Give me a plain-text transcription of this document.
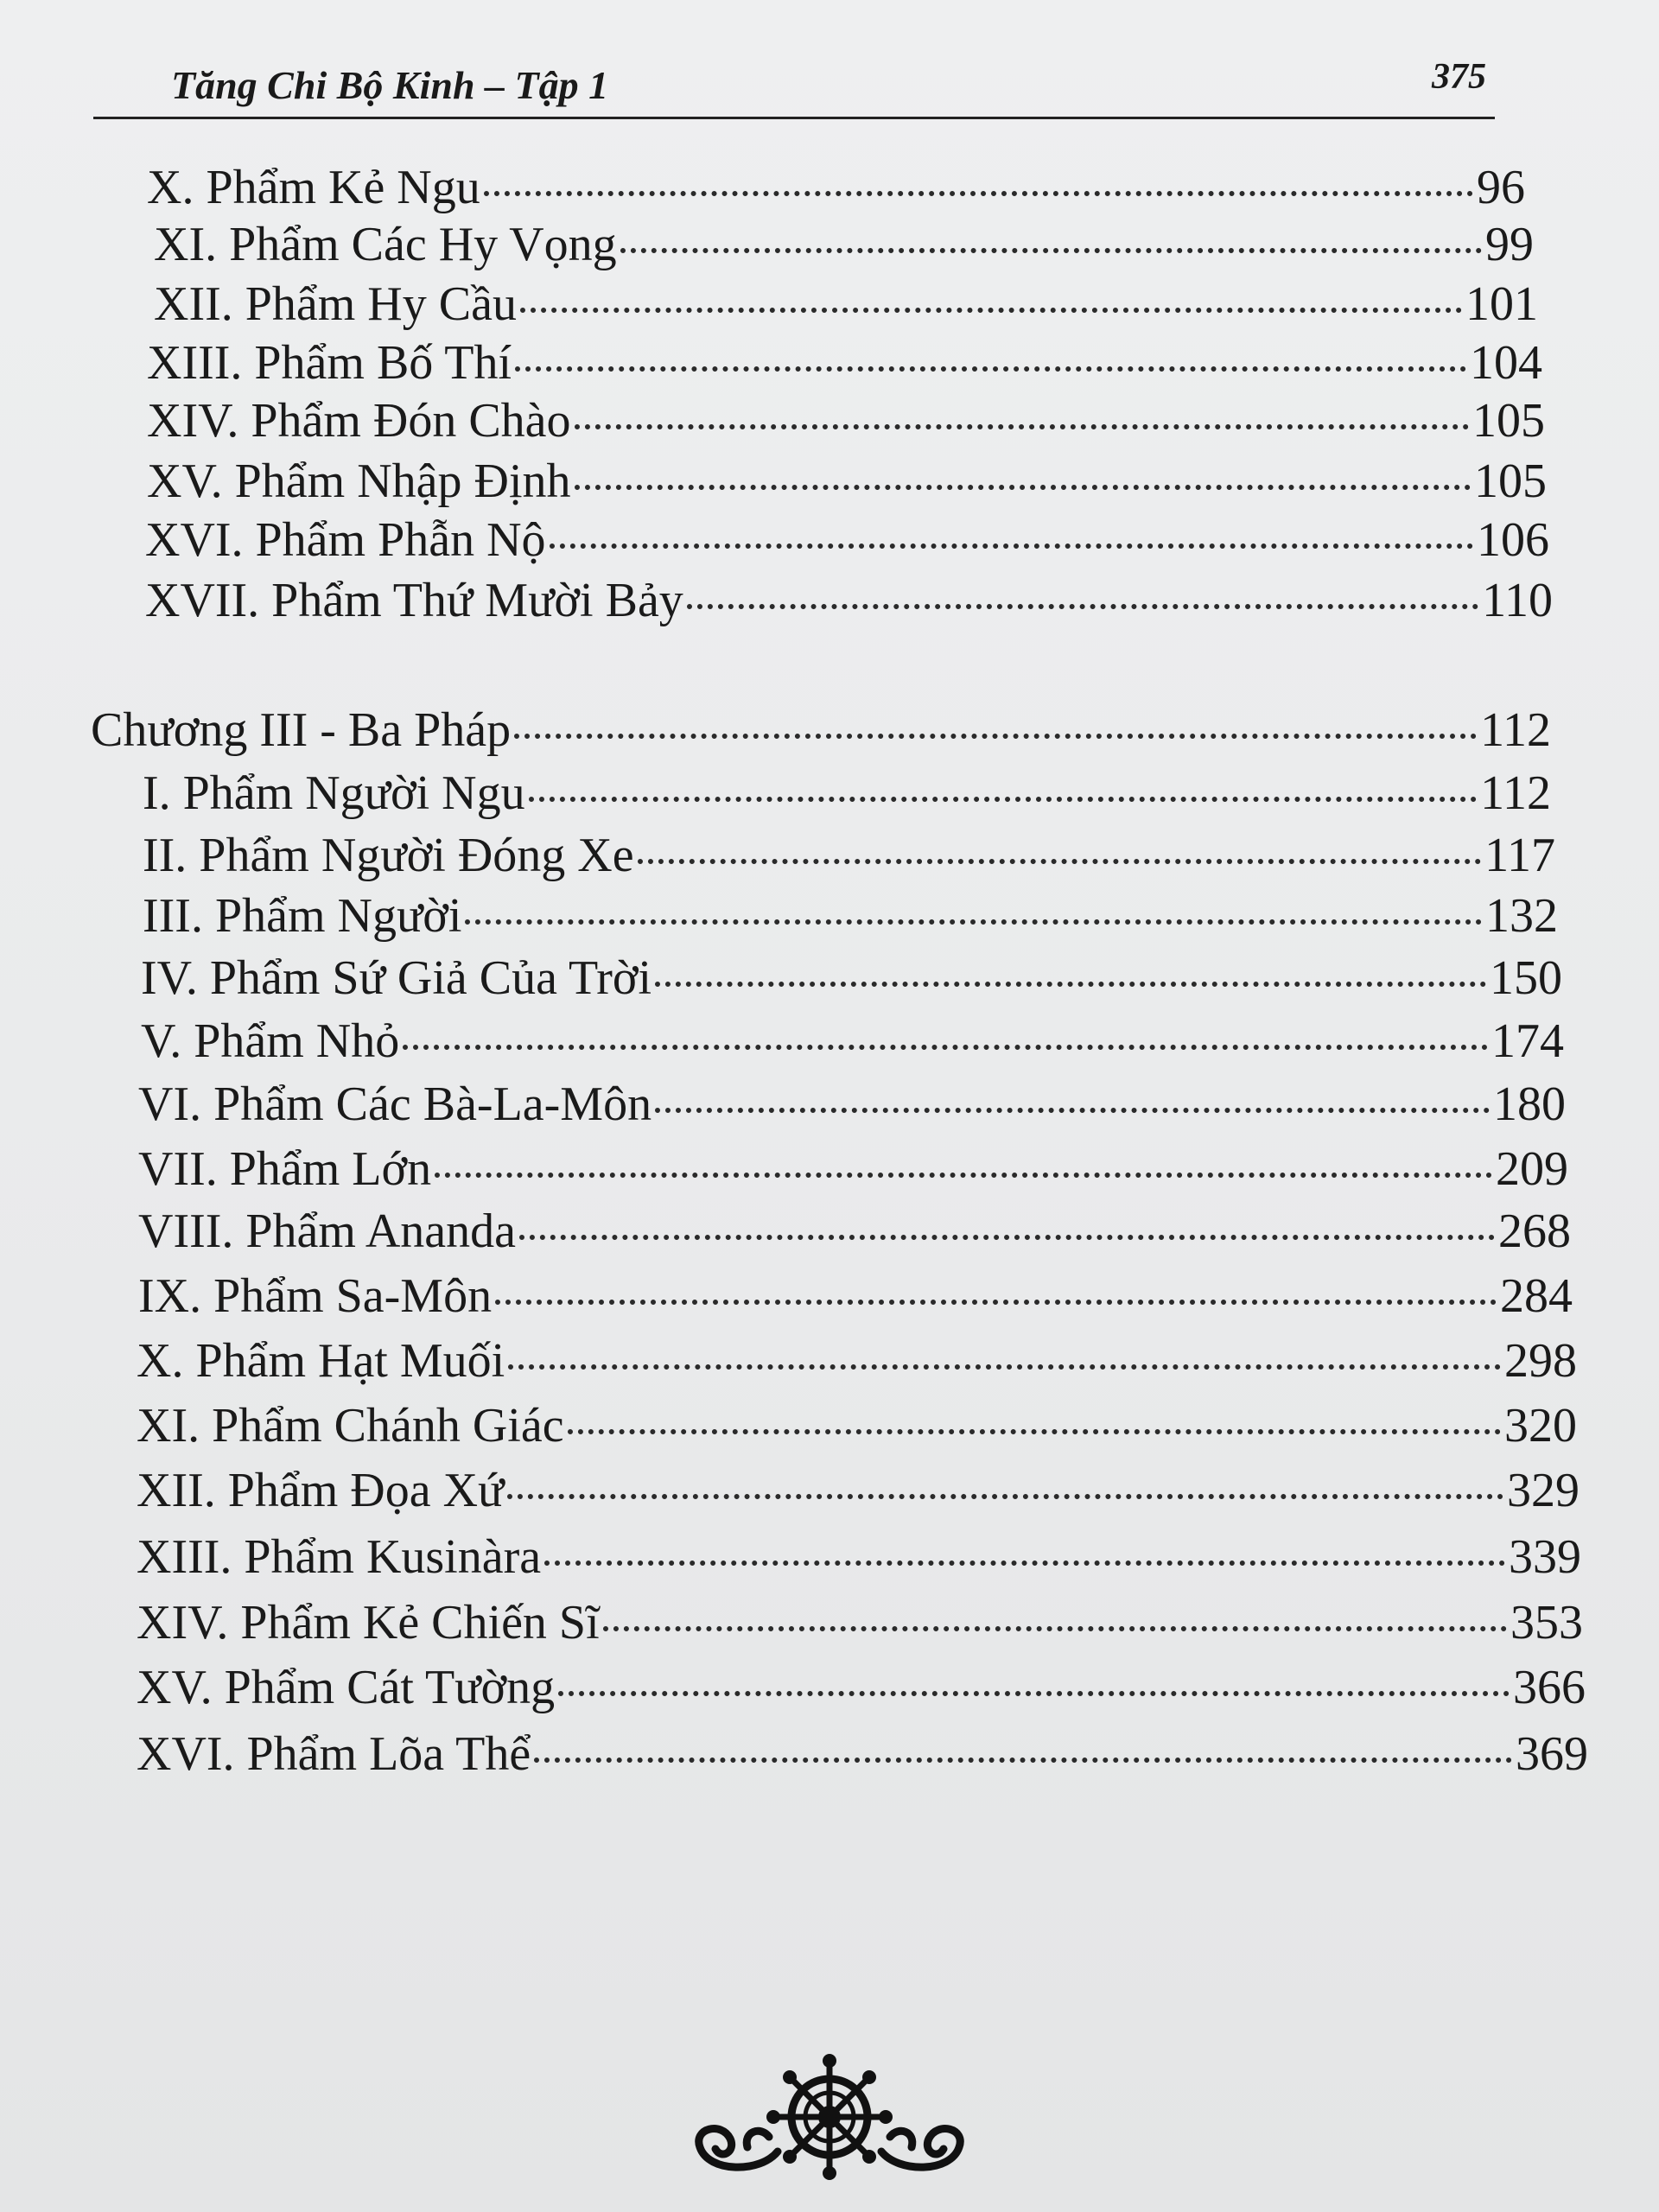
Tăng Chi Bộ Kinh – Tập 1	375
X. Phẩm Kẻ Ngu	96
XI. Phẩm Các Hy Vọng	99
XII. Phẩm Hy Cầu	101
XIII. Phẩm Bố Thí	104
XIV. Phẩm Đón Chào	105
XV. Phẩm Nhập Định	105
XVI. Phẩm Phẫn Nộ	106
XVII. Phẩm Thứ Mười Bảy	110
Chương III - Ba Pháp	112
I. Phẩm Người Ngu	112
II. Phẩm Người Đóng Xe	117
III. Phẩm Người	132
IV. Phẩm Sứ Giả Của Trời	150
V. Phẩm Nhỏ	174
VI. Phẩm Các Bà-La-Môn	180
VII. Phẩm Lớn	209
VIII. Phẩm Ananda	268
IX. Phẩm Sa-Môn	284
X. Phẩm Hạt Muối	298
XI. Phẩm Chánh Giác	320
XII. Phẩm Đọa Xứ	329
XIII. Phẩm Kusinàra	339
XIV. Phẩm Kẻ Chiến Sĩ	353
XV. Phẩm Cát Tường	366
XVI. Phẩm Lõa Thể	369
